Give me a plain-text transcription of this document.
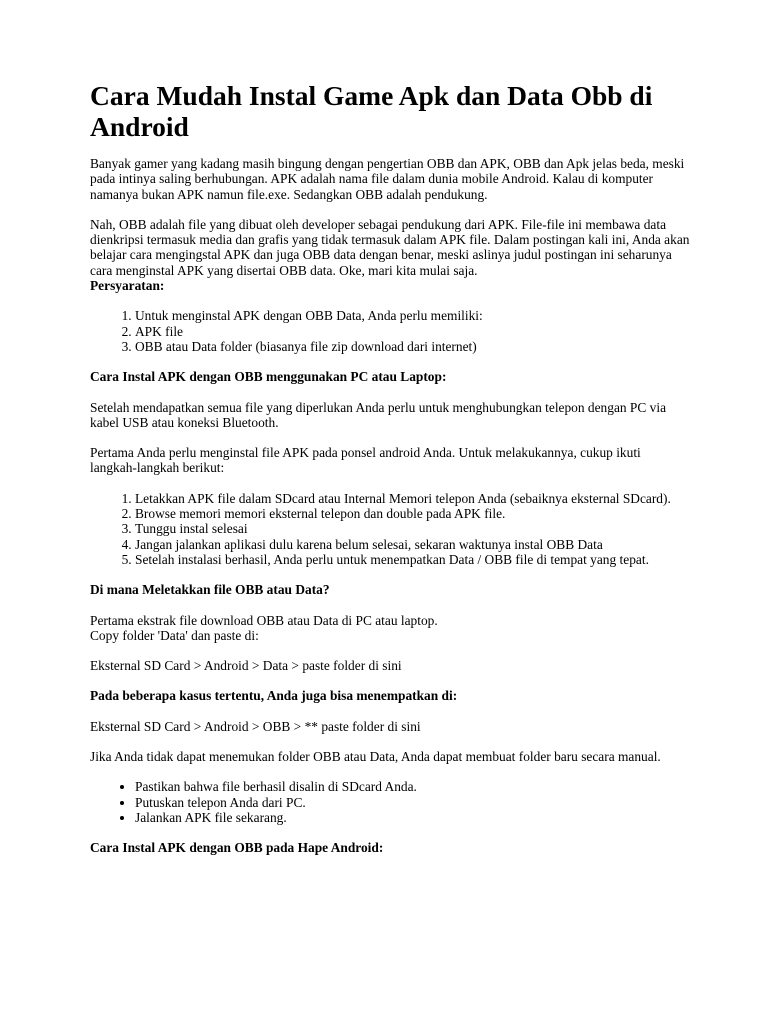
Cara Mudah Instal Game Apk dan Data Obb di Android

Banyak gamer yang kadang masih bingung dengan pengertian OBB dan APK, OBB dan Apk jelas beda, meski pada intinya saling berhubungan. APK adalah nama file dalam dunia mobile Android. Kalau di komputer namanya bukan APK namun file.exe. Sedangkan OBB adalah pendukung.

Nah, OBB adalah file yang dibuat oleh developer sebagai pendukung dari APK. File-file ini membawa data dienkripsi termasuk media dan grafis yang tidak termasuk dalam APK file. Dalam postingan kali ini, Anda akan belajar cara mengingstal APK dan juga OBB data dengan benar, meski aslinya judul postingan ini seharunya cara menginstal APK yang disertai OBB data. Oke, mari kita mulai saja.

Persyaratan:
1. Untuk menginstal APK dengan OBB Data, Anda perlu memiliki:
2. APK file
3. OBB atau Data folder (biasanya file zip download dari internet)

Cara Instal APK dengan OBB menggunakan PC atau Laptop:

Setelah mendapatkan semua file yang diperlukan Anda perlu untuk menghubungkan telepon dengan PC via kabel USB atau koneksi Bluetooth.

Pertama Anda perlu menginstal file APK pada ponsel android Anda. Untuk melakukannya, cukup ikuti langkah-langkah berikut:

1. Letakkan APK file dalam SDcard atau Internal Memori telepon Anda (sebaiknya eksternal SDcard).
2. Browse memori memori eksternal telepon dan double pada APK file.
3. Tunggu instal selesai
4. Jangan jalankan aplikasi dulu karena belum selesai, sekaran waktunya instal OBB Data
5. Setelah instalasi berhasil, Anda perlu untuk menempatkan Data / OBB file di tempat yang tepat.

Di mana Meletakkan file OBB atau Data?

Pertama ekstrak file download OBB atau Data di PC atau laptop.
Copy folder 'Data' dan paste di:

Eksternal SD Card > Android > Data > paste folder di sini

Pada beberapa kasus tertentu, Anda juga bisa menempatkan di:

Eksternal SD Card > Android > OBB > ** paste folder di sini

Jika Anda tidak dapat menemukan folder OBB atau Data, Anda dapat membuat folder baru secara manual.

• Pastikan bahwa file berhasil disalin di SDcard Anda.
• Putuskan telepon Anda dari PC.
• Jalankan APK file sekarang.

Cara Instal APK dengan OBB pada Hape Android:
